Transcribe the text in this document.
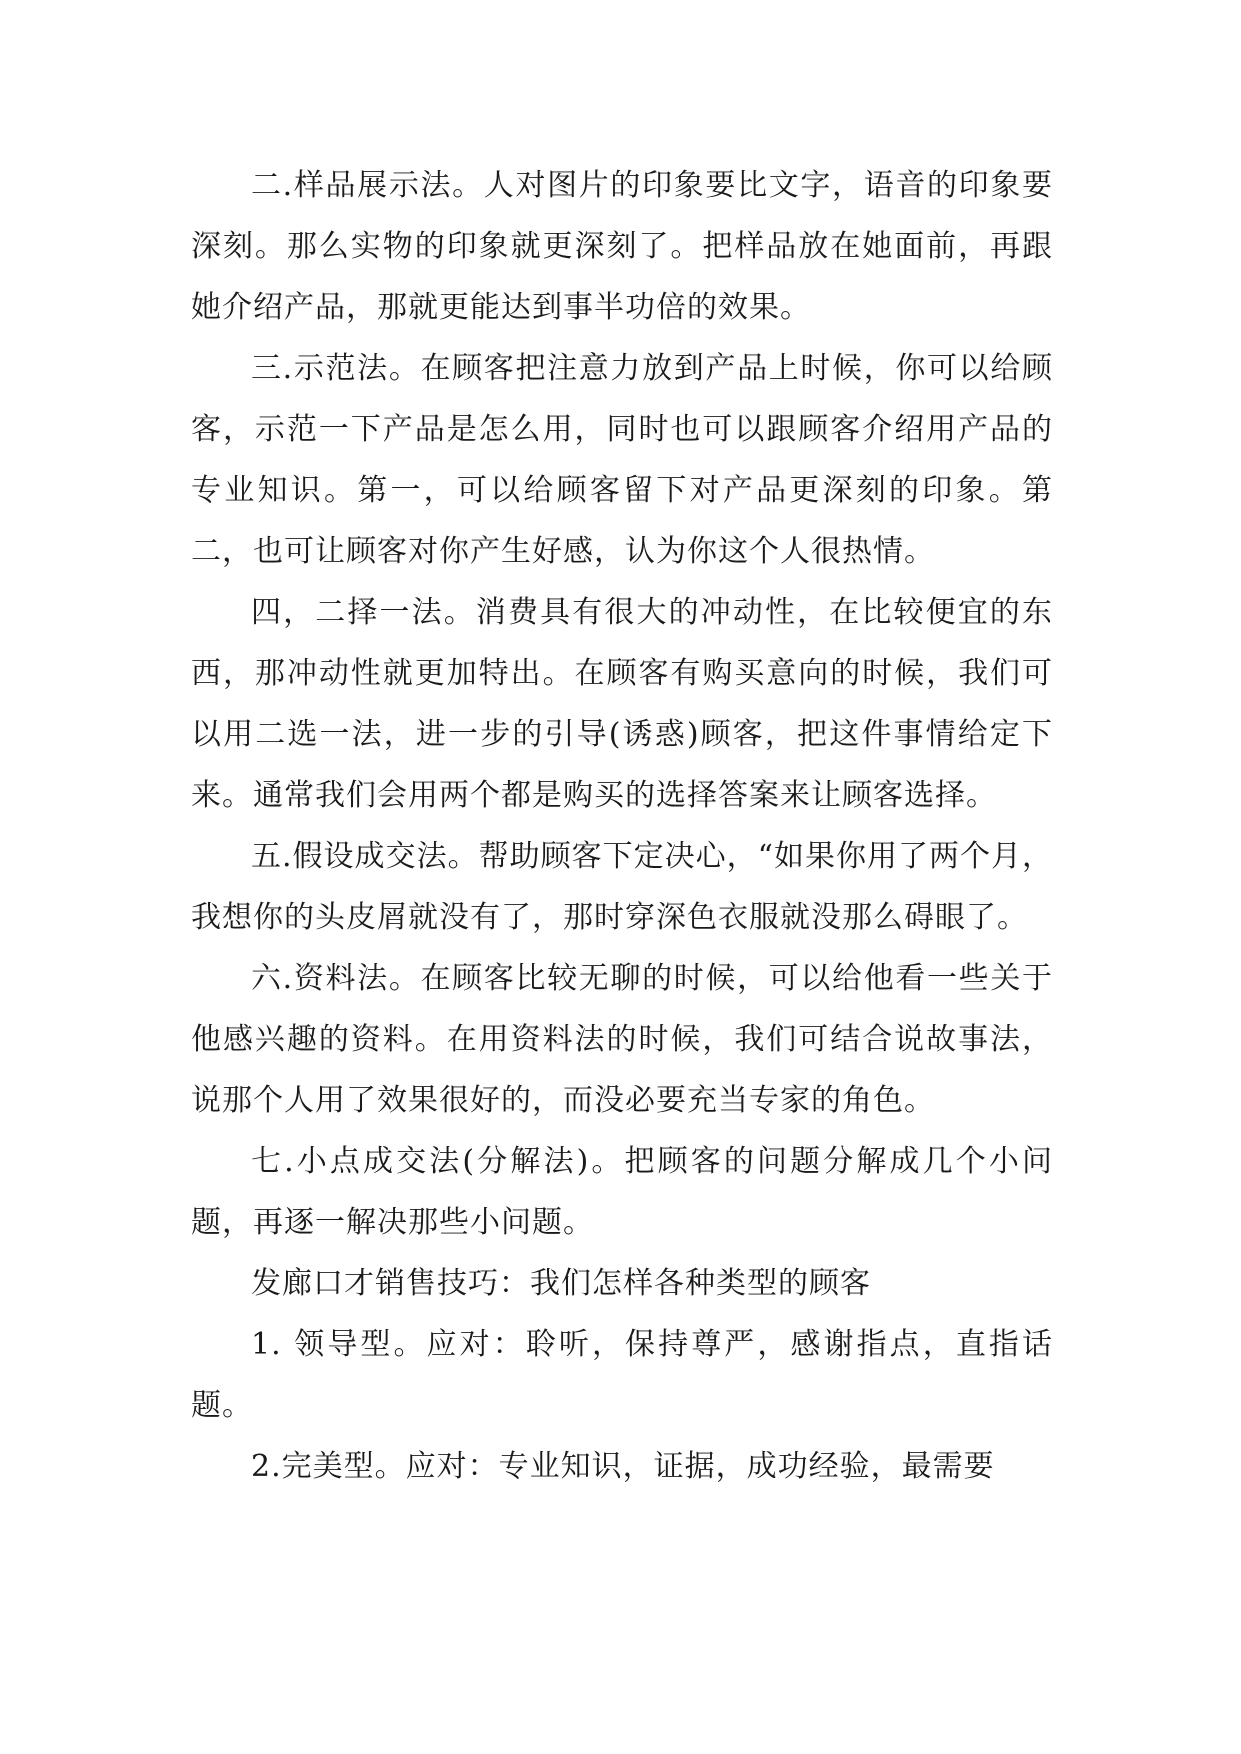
二.样品展示法。人对图片的印象要比文字，语音的印象要深刻。那么实物的印象就更深刻了。把样品放在她面前，再跟她介绍产品，那就更能达到事半功倍的效果。

三.示范法。在顾客把注意力放到产品上时候，你可以给顾客，示范一下产品是怎么用，同时也可以跟顾客介绍用产品的专业知识。第一，可以给顾客留下对产品更深刻的印象。第二，也可让顾客对你产生好感，认为你这个人很热情。

四，二择一法。消费具有很大的冲动性，在比较便宜的东西，那冲动性就更加特出。在顾客有购买意向的时候，我们可以用二选一法，进一步的引导(诱惑)顾客，把这件事情给定下来。通常我们会用两个都是购买的选择答案来让顾客选择。

五.假设成交法。帮助顾客下定决心，“如果你用了两个月，我想你的头皮屑就没有了，那时穿深色衣服就没那么碍眼了。

六.资料法。在顾客比较无聊的时候，可以给他看一些关于他感兴趣的资料。在用资料法的时候，我们可结合说故事法，说那个人用了效果很好的，而没必要充当专家的角色。

七.小点成交法(分解法)。把顾客的问题分解成几个小问题，再逐一解决那些小问题。

发廊口才销售技巧：我们怎样各种类型的顾客

1. 领导型。应对：聆听，保持尊严，感谢指点，直指话题。

2.完美型。应对：专业知识，证据，成功经验，最需要
